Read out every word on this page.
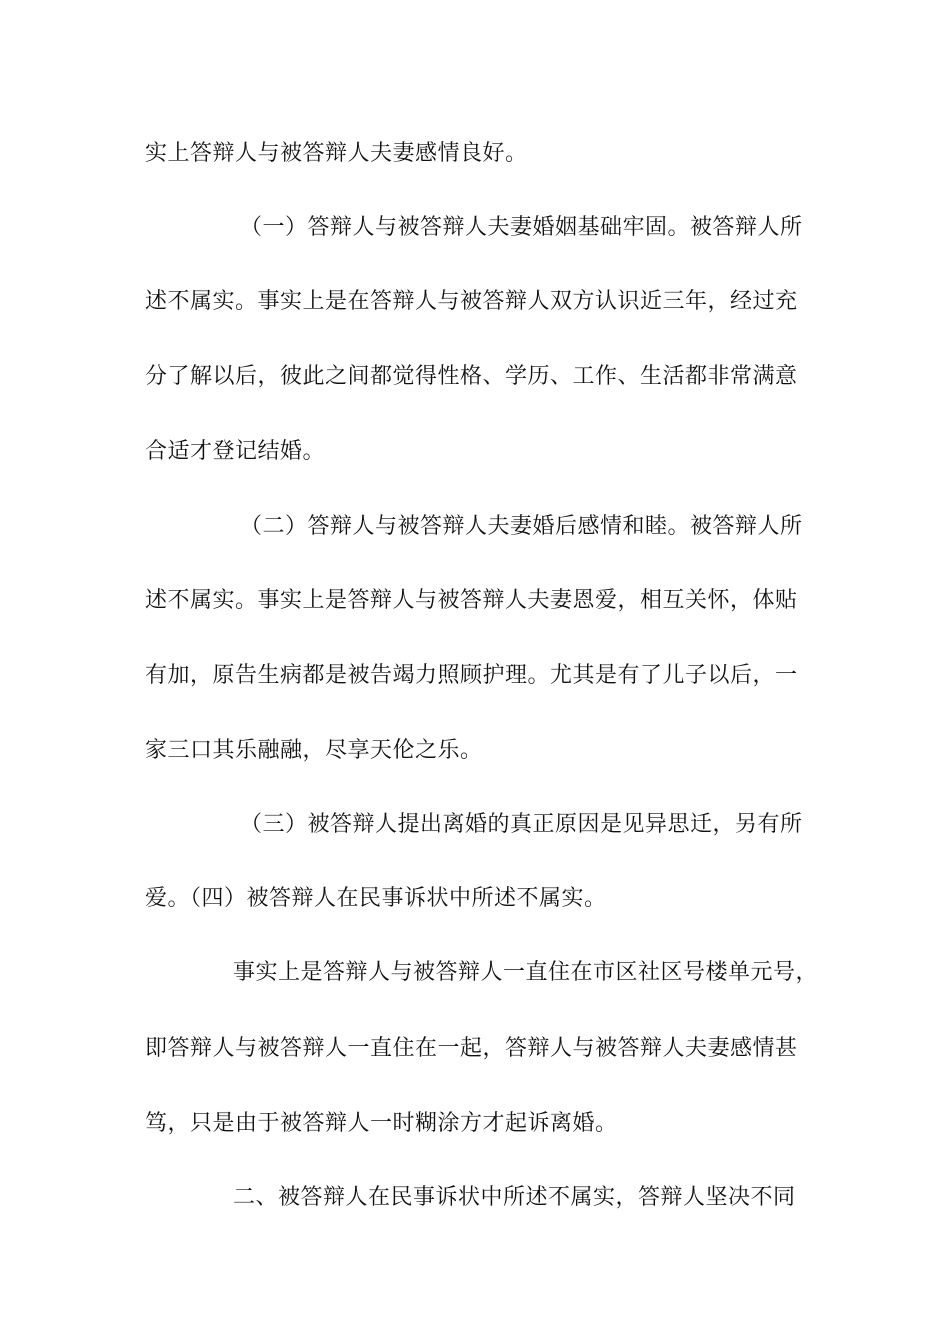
实上答辩人与被答辩人夫妻感情良好。
（一）答辩人与被答辩人夫妻婚姻基础牢固。被答辩人所
述不属实。事实上是在答辩人与被答辩人双方认识近三年，经过充
分了解以后，彼此之间都觉得性格、学历、工作、生活都非常满意
合适才登记结婚。
（二）答辩人与被答辩人夫妻婚后感情和睦。被答辩人所
述不属实。事实上是答辩人与被答辩人夫妻恩爱，相互关怀，体贴
有加，原告生病都是被告竭力照顾护理。尤其是有了儿子以后，一
家三口其乐融融，尽享天伦之乐。
（三）被答辩人提出离婚的真正原因是见异思迁，另有所
爱。（四）被答辩人在民事诉状中所述不属实。
事实上是答辩人与被答辩人一直住在市区社区号楼单元号，
即答辩人与被答辩人一直住在一起，答辩人与被答辩人夫妻感情甚
笃，只是由于被答辩人一时糊涂方才起诉离婚。
二、被答辩人在民事诉状中所述不属实，答辩人坚决不同
